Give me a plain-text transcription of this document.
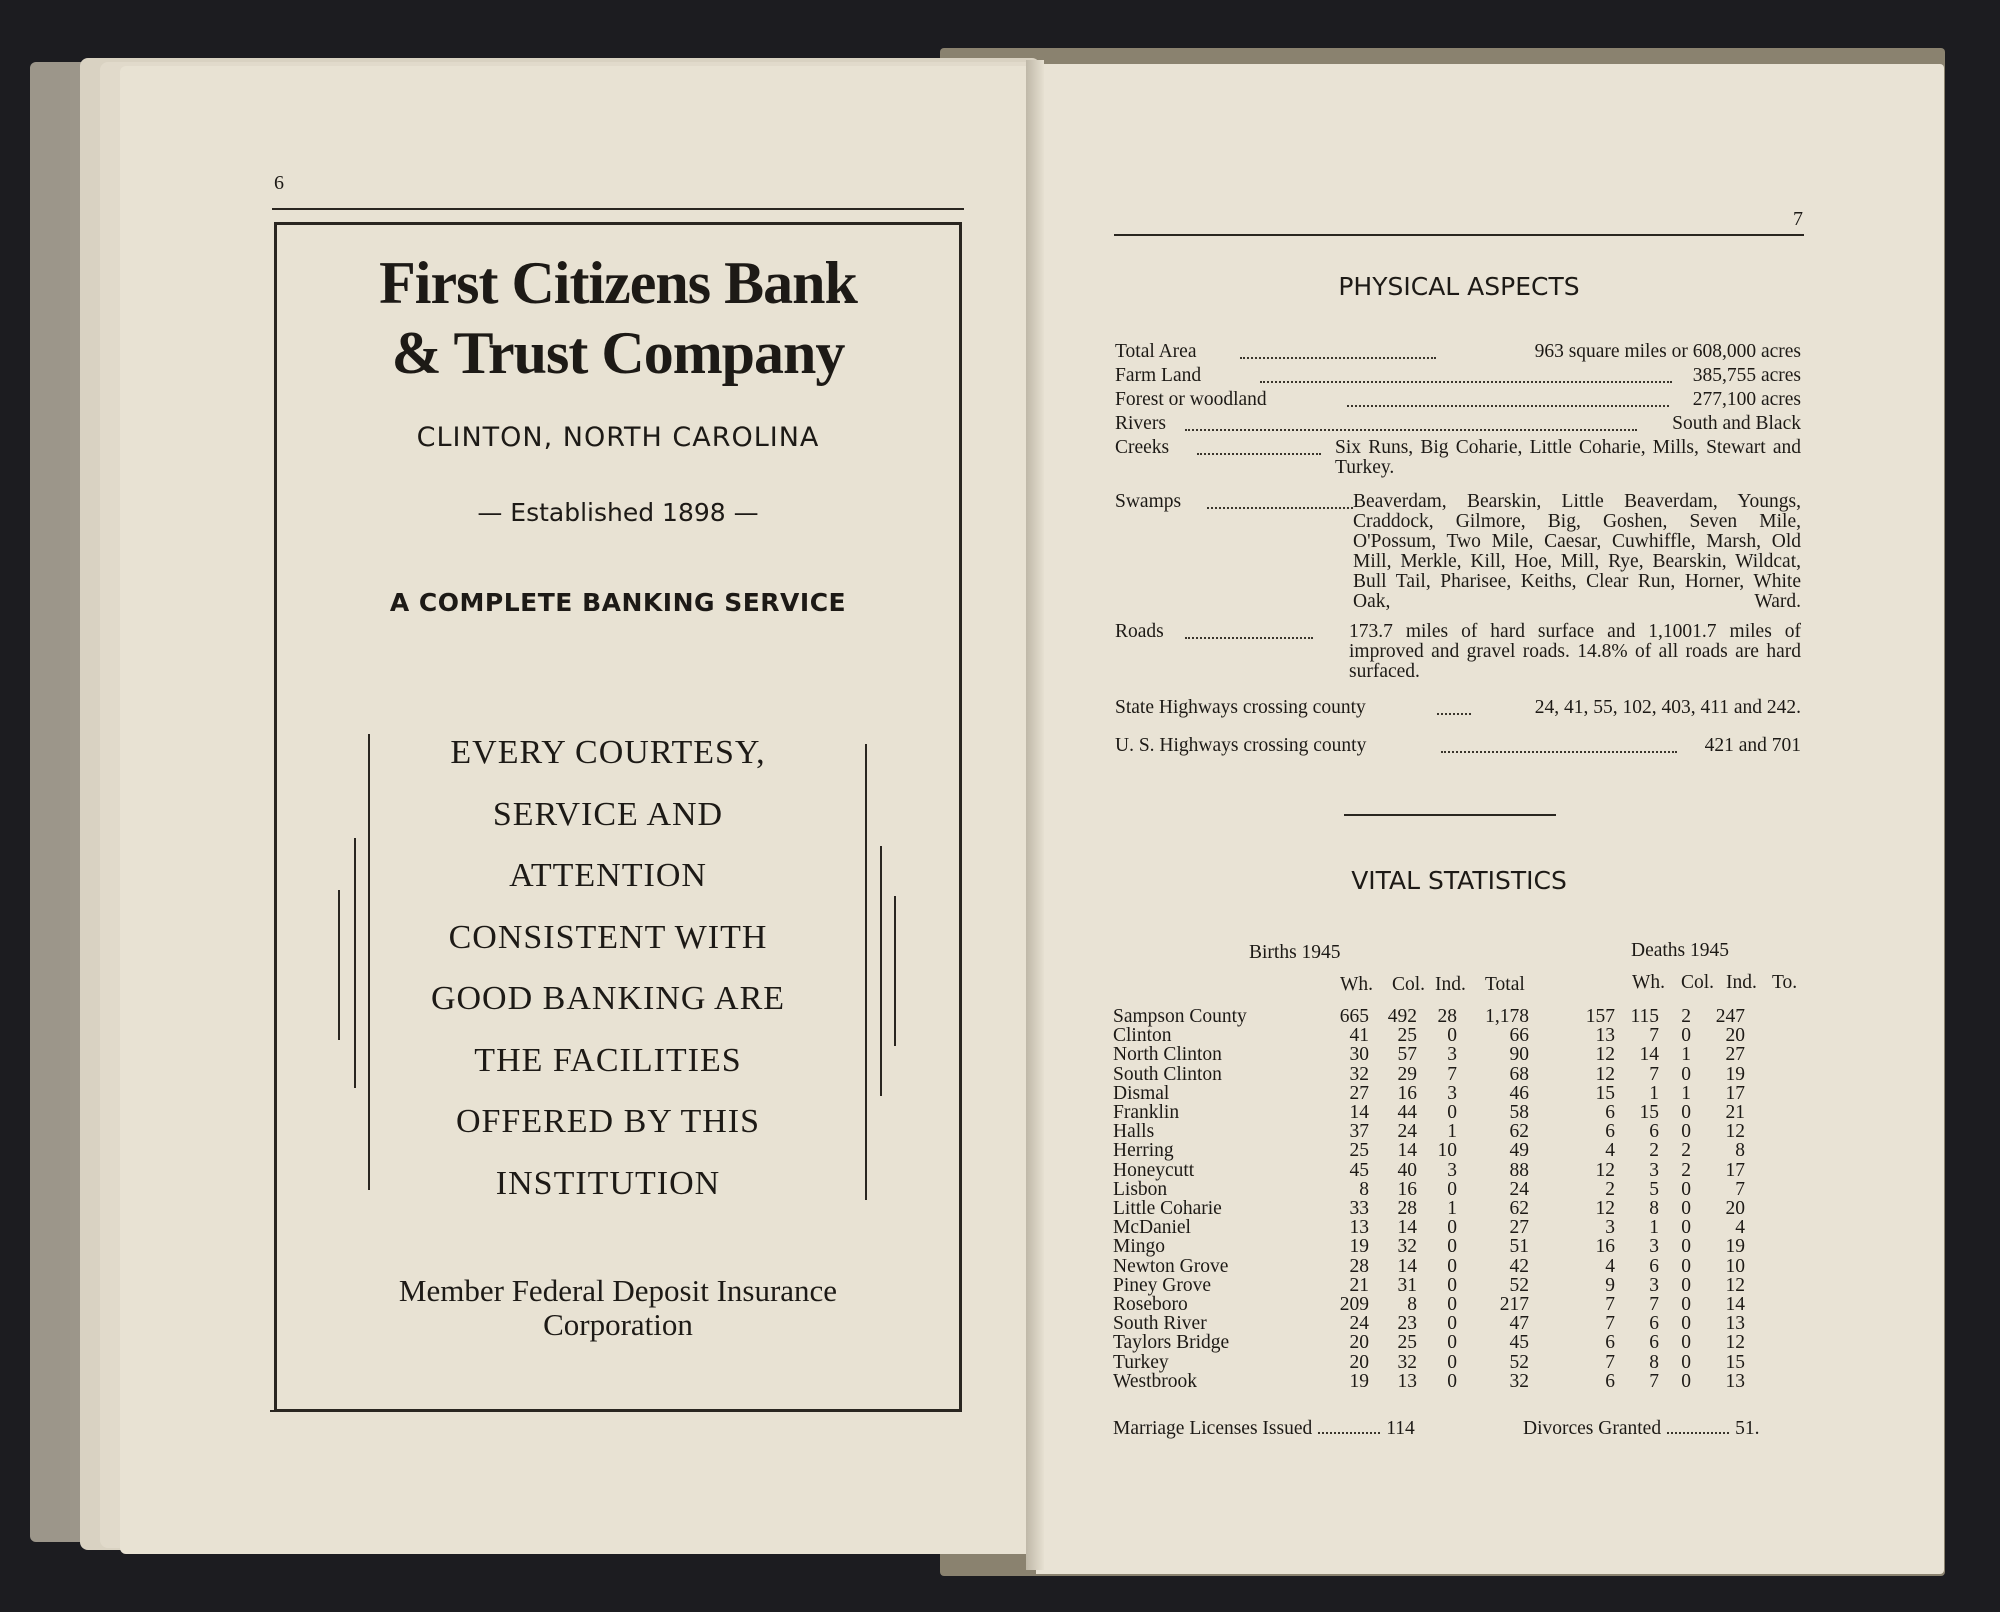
6
First Citizens Bank
& Trust Company
CLINTON, NORTH CAROLINA
— Established 1898 —
A COMPLETE BANKING SERVICE
EVERY COURTESY,
SERVICE AND
ATTENTION
CONSISTENT WITH
GOOD BANKING ARE
THE FACILITIES
OFFERED BY THIS
INSTITUTION
Member Federal Deposit Insurance
Corporation
7
PHYSICAL ASPECTS
Total Area	963 square miles or 608,000 acres
Farm Land	385,755 acres
Forest or woodland	277,100 acres
Rivers	South and Black
Creeks	Six Runs, Big Coharie, Little Coharie, Mills, Stewart and Turkey.
Swamps	Beaverdam, Bearskin, Little Beaverdam, Youngs, Craddock, Gilmore, Big, Goshen, Seven Mile, O'Possum, Two Mile, Caesar, Cuwhiffle, Marsh, Old Mill, Merkle, Kill, Hoe, Mill, Rye, Bearskin, Wildcat, Bull Tail, Pharisee, Keiths, Clear Run, Horner, White Oak, Ward.
Roads	173.7 miles of hard surface and 1,1001.7 miles of improved and gravel roads. 14.8% of all roads are hard surfaced.
State Highways crossing county	24, 41, 55, 102, 403, 411 and 242.
U. S. Highways crossing county	421 and 701
VITAL STATISTICS
Births 1945	Deaths 1945
Wh. Col. Ind. Total	Wh. Col. Ind. To.
Sampson County	665	492	28	1,178	157	115	2	247
Clinton	41	25	0	66	13	7	0	20
North Clinton	30	57	3	90	12	14	1	27
South Clinton	32	29	7	68	12	7	0	19
Dismal	27	16	3	46	15	1	1	17
Franklin	14	44	0	58	6	15	0	21
Halls	37	24	1	62	6	6	0	12
Herring	25	14	10	49	4	2	2	8
Honeycutt	45	40	3	88	12	3	2	17
Lisbon	8	16	0	24	2	5	0	7
Little Coharie	33	28	1	62	12	8	0	20
McDaniel	13	14	0	27	3	1	0	4
Mingo	19	32	0	51	16	3	0	19
Newton Grove	28	14	0	42	4	6	0	10
Piney Grove	21	31	0	52	9	3	0	12
Roseboro	209	8	0	217	7	7	0	14
South River	24	23	0	47	7	6	0	13
Taylors Bridge	20	25	0	45	6	6	0	12
Turkey	20	32	0	52	7	8	0	15
Westbrook	19	13	0	32	6	7	0	13
Marriage Licenses Issued	114	Divorces Granted	51.
